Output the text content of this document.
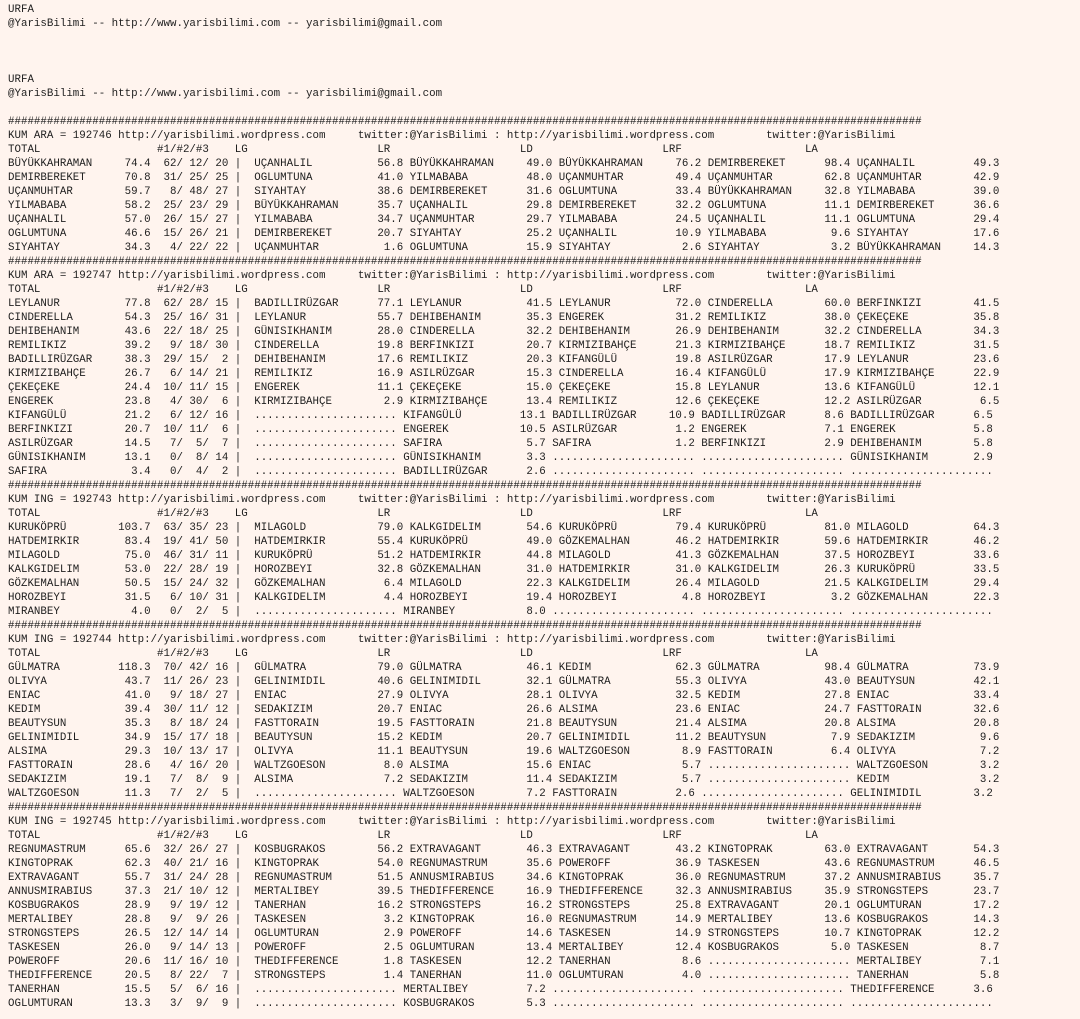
URFA
@YarisBilimi -- http://www.yarisbilimi.com -- yarisbilimi@gmail.com
URFA
@YarisBilimi -- http://www.yarisbilimi.com -- yarisbilimi@gmail.com
#############################################################################################################################################
KUM ARA = 192746 http://yarisbilimi.wordpress.com     twitter:@YarisBilimi : http://yarisbilimi.wordpress.com        twitter:@YarisBilimi
TOTAL                  #1/#2/#3    LG                    LR                    LD                    LRF                   LA
BÜYÜKKAHRAMAN     74.4  62/ 12/ 20 |  UÇANHALIL          56.8 BÜYÜKKAHRAMAN     49.0 BÜYÜKKAHRAMAN     76.2 DEMIRBEREKET      98.4 UÇANHALIL         49.3
DEMIRBEREKET      70.8  31/ 25/ 25 |  OGLUMTUNA          41.0 YILMABABA         48.0 UÇANMUHTAR        49.4 UÇANMUHTAR        62.8 UÇANMUHTAR        42.9
UÇANMUHTAR        59.7   8/ 48/ 27 |  SIYAHTAY           38.6 DEMIRBEREKET      31.6 OGLUMTUNA         33.4 BÜYÜKKAHRAMAN     32.8 YILMABABA         39.0
YILMABABA         58.2  25/ 23/ 29 |  BÜYÜKKAHRAMAN      35.7 UÇANHALIL         29.8 DEMIRBEREKET      32.2 OGLUMTUNA         11.1 DEMIRBEREKET      36.6
UÇANHALIL         57.0  26/ 15/ 27 |  YILMABABA          34.7 UÇANMUHTAR        29.7 YILMABABA         24.5 UÇANHALIL         11.1 OGLUMTUNA         29.4
OGLUMTUNA         46.6  15/ 26/ 21 |  DEMIRBEREKET       20.7 SIYAHTAY          25.2 UÇANHALIL         10.9 YILMABABA          9.6 SIYAHTAY          17.6
SIYAHTAY          34.3   4/ 22/ 22 |  UÇANMUHTAR          1.6 OGLUMTUNA         15.9 SIYAHTAY           2.6 SIYAHTAY           3.2 BÜYÜKKAHRAMAN     14.3
#############################################################################################################################################
KUM ARA = 192747 http://yarisbilimi.wordpress.com     twitter:@YarisBilimi : http://yarisbilimi.wordpress.com        twitter:@YarisBilimi
TOTAL                  #1/#2/#3    LG                    LR                    LD                    LRF                   LA
LEYLANUR          77.8  62/ 28/ 15 |  BADILLIRÜZGAR      77.1 LEYLANUR          41.5 LEYLANUR          72.0 CINDERELLA        60.0 BERFINKIZI        41.5
CINDERELLA        54.3  25/ 16/ 31 |  LEYLANUR           55.7 DEHIBEHANIM       35.3 ENGEREK           31.2 REMILIKIZ         38.0 ÇEKEÇEKE          35.8
DEHIBEHANIM       43.6  22/ 18/ 25 |  GÜNISIKHANIM       28.0 CINDERELLA        32.2 DEHIBEHANIM       26.9 DEHIBEHANIM       32.2 CINDERELLA        34.3
REMILIKIZ         39.2   9/ 18/ 30 |  CINDERELLA         19.8 BERFINKIZI        20.7 KIRMIZIBAHÇE      21.3 KIRMIZIBAHÇE      18.7 REMILIKIZ         31.5
BADILLIRÜZGAR     38.3  29/ 15/  2 |  DEHIBEHANIM        17.6 REMILIKIZ         20.3 KIFANGÜLÜ         19.8 ASILRÜZGAR        17.9 LEYLANUR          23.6
KIRMIZIBAHÇE      26.7   6/ 14/ 21 |  REMILIKIZ          16.9 ASILRÜZGAR        15.3 CINDERELLA        16.4 KIFANGÜLÜ         17.9 KIRMIZIBAHÇE      22.9
ÇEKEÇEKE          24.4  10/ 11/ 15 |  ENGEREK            11.1 ÇEKEÇEKE          15.0 ÇEKEÇEKE          15.8 LEYLANUR          13.6 KIFANGÜLÜ         12.1
ENGEREK           23.8   4/ 30/  6 |  KIRMIZIBAHÇE        2.9 KIRMIZIBAHÇE      13.4 REMILIKIZ         12.6 ÇEKEÇEKE          12.2 ASILRÜZGAR         6.5
KIFANGÜLÜ         21.2   6/ 12/ 16 |  ...................... KIFANGÜLÜ         13.1 BADILLIRÜZGAR     10.9 BADILLIRÜZGAR      8.6 BADILLIRÜZGAR      6.5
BERFINKIZI        20.7  10/ 11/  6 |  ...................... ENGEREK           10.5 ASILRÜZGAR         1.2 ENGEREK            7.1 ENGEREK            5.8
ASILRÜZGAR        14.5   7/  5/  7 |  ...................... SAFIRA             5.7 SAFIRA             1.2 BERFINKIZI         2.9 DEHIBEHANIM        5.8
GÜNISIKHANIM      13.1   0/  8/ 14 |  ...................... GÜNISIKHANIM       3.3 ...................... ...................... GÜNISIKHANIM       2.9
SAFIRA             3.4   0/  4/  2 |  ...................... BADILLIRÜZGAR      2.6 ...................... ...................... ......................
#############################################################################################################################################
KUM ING = 192743 http://yarisbilimi.wordpress.com     twitter:@YarisBilimi : http://yarisbilimi.wordpress.com        twitter:@YarisBilimi
TOTAL                  #1/#2/#3    LG                    LR                    LD                    LRF                   LA
KURUKÖPRÜ        103.7  63/ 35/ 23 |  MILAGOLD           79.0 KALKGIDELIM       54.6 KURUKÖPRÜ         79.4 KURUKÖPRÜ         81.0 MILAGOLD          64.3
HATDEMIRKIR       83.4  19/ 41/ 50 |  HATDEMIRKIR        55.4 KURUKÖPRÜ         49.0 GÖZKEMALHAN       46.2 HATDEMIRKIR       59.6 HATDEMIRKIR       46.2
MILAGOLD          75.0  46/ 31/ 11 |  KURUKÖPRÜ          51.2 HATDEMIRKIR       44.8 MILAGOLD          41.3 GÖZKEMALHAN       37.5 HOROZBEYI         33.6
KALKGIDELIM       53.0  22/ 28/ 19 |  HOROZBEYI          32.8 GÖZKEMALHAN       31.0 HATDEMIRKIR       31.0 KALKGIDELIM       26.3 KURUKÖPRÜ         33.5
GÖZKEMALHAN       50.5  15/ 24/ 32 |  GÖZKEMALHAN         6.4 MILAGOLD          22.3 KALKGIDELIM       26.4 MILAGOLD          21.5 KALKGIDELIM       29.4
HOROZBEYI         31.5   6/ 10/ 31 |  KALKGIDELIM         4.4 HOROZBEYI         19.4 HOROZBEYI          4.8 HOROZBEYI          3.2 GÖZKEMALHAN       22.3
MIRANBEY           4.0   0/  2/  5 |  ...................... MIRANBEY           8.0 ...................... ...................... ......................
#############################################################################################################################################
KUM ING = 192744 http://yarisbilimi.wordpress.com     twitter:@YarisBilimi : http://yarisbilimi.wordpress.com        twitter:@YarisBilimi
TOTAL                  #1/#2/#3    LG                    LR                    LD                    LRF                   LA
GÜLMATRA         118.3  70/ 42/ 16 |  GÜLMATRA           79.0 GÜLMATRA          46.1 KEDIM             62.3 GÜLMATRA          98.4 GÜLMATRA          73.9
OLIVYA            43.7  11/ 26/ 23 |  GELINIMIDIL        40.6 GELINIMIDIL       32.1 GÜLMATRA          55.3 OLIVYA            43.0 BEAUTYSUN         42.1
ENIAC             41.0   9/ 18/ 27 |  ENIAC              27.9 OLIVYA            28.1 OLIVYA            32.5 KEDIM             27.8 ENIAC             33.4
KEDIM             39.4  30/ 11/ 12 |  SEDAKIZIM          20.7 ENIAC             26.6 ALSIMA            23.6 ENIAC             24.7 FASTTORAIN        32.6
BEAUTYSUN         35.3   8/ 18/ 24 |  FASTTORAIN         19.5 FASTTORAIN        21.8 BEAUTYSUN         21.4 ALSIMA            20.8 ALSIMA            20.8
GELINIMIDIL       34.9  15/ 17/ 18 |  BEAUTYSUN          15.2 KEDIM             20.7 GELINIMIDIL       11.2 BEAUTYSUN          7.9 SEDAKIZIM          9.6
ALSIMA            29.3  10/ 13/ 17 |  OLIVYA             11.1 BEAUTYSUN         19.6 WALTZGOESON        8.9 FASTTORAIN         6.4 OLIVYA             7.2
FASTTORAIN        28.6   4/ 16/ 20 |  WALTZGOESON         8.0 ALSIMA            15.6 ENIAC              5.7 ...................... WALTZGOESON        3.2
SEDAKIZIM         19.1   7/  8/  9 |  ALSIMA              7.2 SEDAKIZIM         11.4 SEDAKIZIM          5.7 ...................... KEDIM              3.2
WALTZGOESON       11.3   7/  2/  5 |  ...................... WALTZGOESON        7.2 FASTTORAIN         2.6 ...................... GELINIMIDIL        3.2
#############################################################################################################################################
KUM ING = 192745 http://yarisbilimi.wordpress.com     twitter:@YarisBilimi : http://yarisbilimi.wordpress.com        twitter:@YarisBilimi
TOTAL                  #1/#2/#3    LG                    LR                    LD                    LRF                   LA
REGNUMASTRUM      65.6  32/ 26/ 27 |  KOSBUGRAKOS        56.2 EXTRAVAGANT       46.3 EXTRAVAGANT       43.2 KINGTOPRAK        63.0 EXTRAVAGANT       54.3
KINGTOPRAK        62.3  40/ 21/ 16 |  KINGTOPRAK         54.0 REGNUMASTRUM      35.6 POWEROFF          36.9 TASKESEN          43.6 REGNUMASTRUM      46.5
EXTRAVAGANT       55.7  31/ 24/ 28 |  REGNUMASTRUM       51.5 ANNUSMIRABIUS     34.6 KINGTOPRAK        36.0 REGNUMASTRUM      37.2 ANNUSMIRABIUS     35.7
ANNUSMIRABIUS     37.3  21/ 10/ 12 |  MERTALIBEY         39.5 THEDIFFERENCE     16.9 THEDIFFERENCE     32.3 ANNUSMIRABIUS     35.9 STRONGSTEPS       23.7
KOSBUGRAKOS       28.9   9/ 19/ 12 |  TANERHAN           16.2 STRONGSTEPS       16.2 STRONGSTEPS       25.8 EXTRAVAGANT       20.1 OGLUMTURAN        17.2
MERTALIBEY        28.8   9/  9/ 26 |  TASKESEN            3.2 KINGTOPRAK        16.0 REGNUMASTRUM      14.9 MERTALIBEY        13.6 KOSBUGRAKOS       14.3
STRONGSTEPS       26.5  12/ 14/ 14 |  OGLUMTURAN          2.9 POWEROFF          14.6 TASKESEN          14.9 STRONGSTEPS       10.7 KINGTOPRAK        12.2
TASKESEN          26.0   9/ 14/ 13 |  POWEROFF            2.5 OGLUMTURAN        13.4 MERTALIBEY        12.4 KOSBUGRAKOS        5.0 TASKESEN           8.7
POWEROFF          20.6  11/ 16/ 10 |  THEDIFFERENCE       1.8 TASKESEN          12.2 TANERHAN           8.6 ...................... MERTALIBEY         7.1
THEDIFFERENCE     20.5   8/ 22/  7 |  STRONGSTEPS         1.4 TANERHAN          11.0 OGLUMTURAN         4.0 ...................... TANERHAN           5.8
TANERHAN          15.5   5/  6/ 16 |  ...................... MERTALIBEY         7.2 ...................... ...................... THEDIFFERENCE      3.6
OGLUMTURAN        13.3   3/  9/  9 |  ...................... KOSBUGRAKOS        5.3 ...................... ...................... ......................
